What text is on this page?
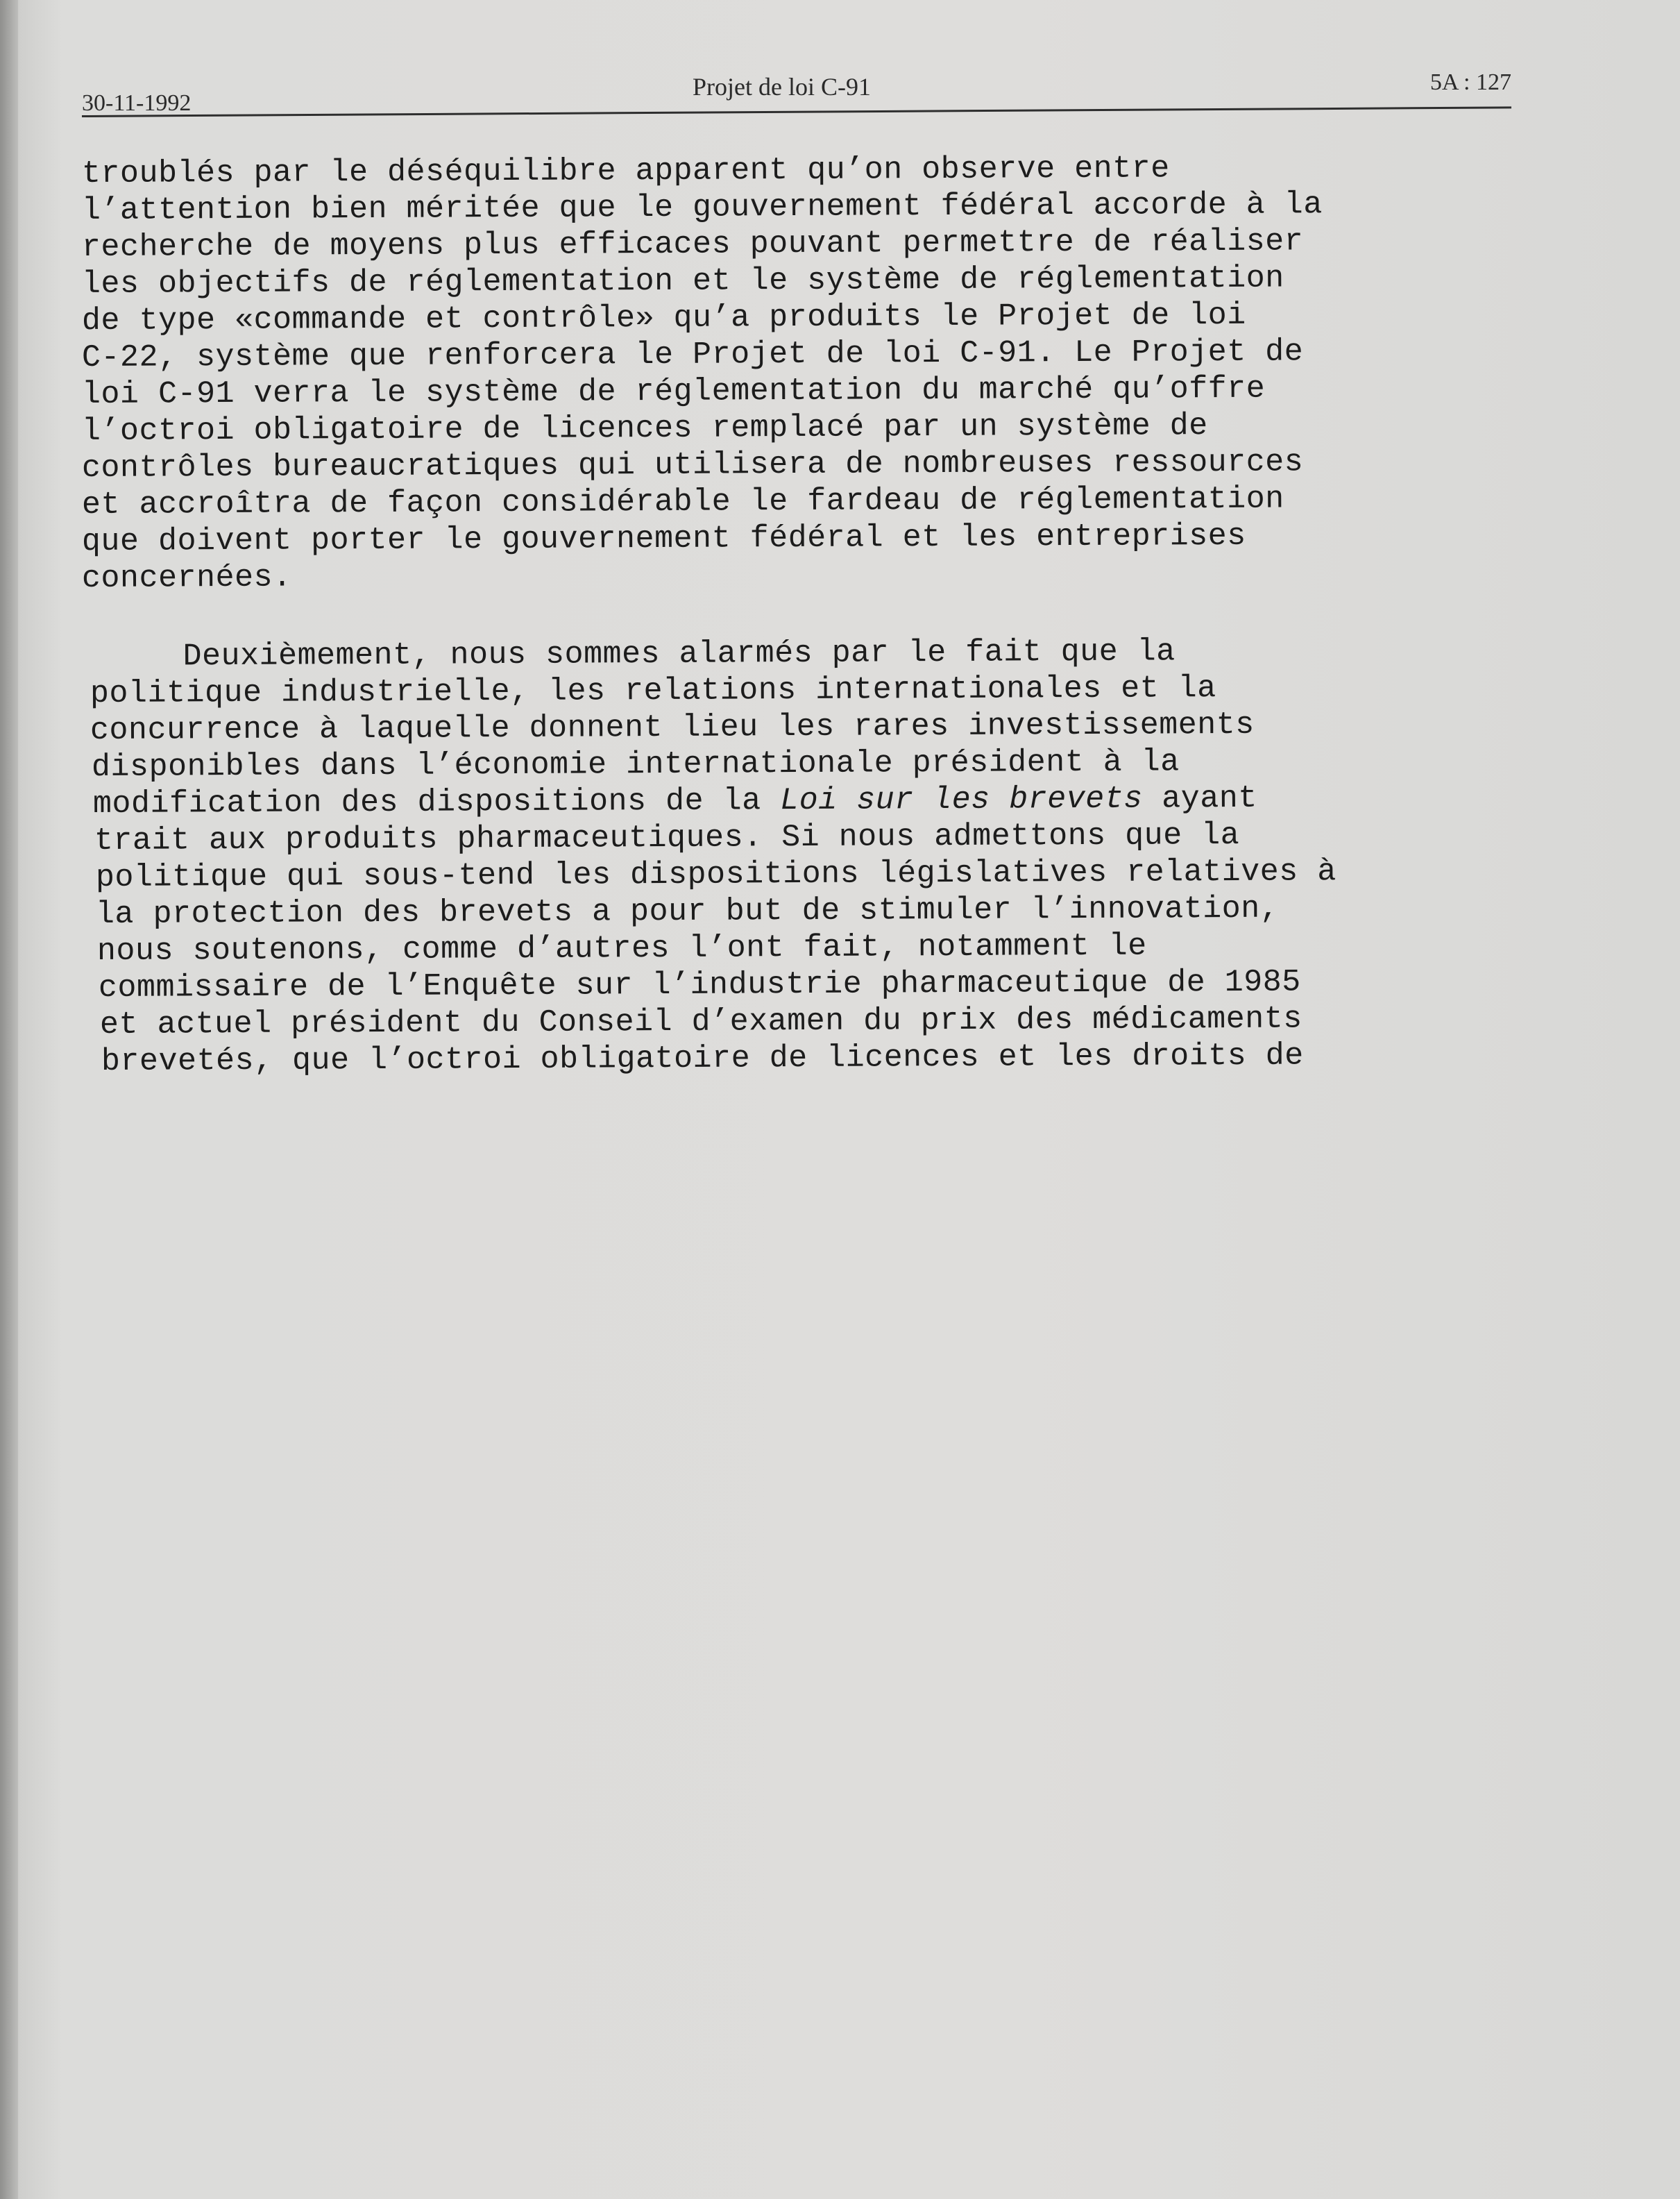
30-11-1992
Projet de loi C-91	5A : 127
troublés par le déséquilibre apparent qu’on observe entre
l’attention bien méritée que le gouvernement fédéral accorde à la
recherche de moyens plus efficaces pouvant permettre de réaliser
les objectifs de réglementation et le système de réglementation
de type «commande et contrôle» qu’a produits le Projet de loi
C-22, système que renforcera le Projet de loi C-91. Le Projet de
loi C-91 verra le système de réglementation du marché qu’offre
l’octroi obligatoire de licences remplacé par un système de
contrôles bureaucratiques qui utilisera de nombreuses ressources
et accroîtra de façon considérable le fardeau de réglementation
que doivent porter le gouvernement fédéral et les entreprises
concernées.
Deuxièmement, nous sommes alarmés par le fait que la
politique industrielle, les relations internationales et la
concurrence à laquelle donnent lieu les rares investissements
disponibles dans l’économie internationale président à la
modification des dispositions de la Loi sur les brevets ayant
trait aux produits pharmaceutiques. Si nous admettons que la
politique qui sous-tend les dispositions législatives relatives à
la protection des brevets a pour but de stimuler l’innovation,
nous soutenons, comme d’autres l’ont fait, notamment le
commissaire de l’Enquête sur l’industrie pharmaceutique de 1985
et actuel président du Conseil d’examen du prix des médicaments
brevetés, que l’octroi obligatoire de licences et les droits de
